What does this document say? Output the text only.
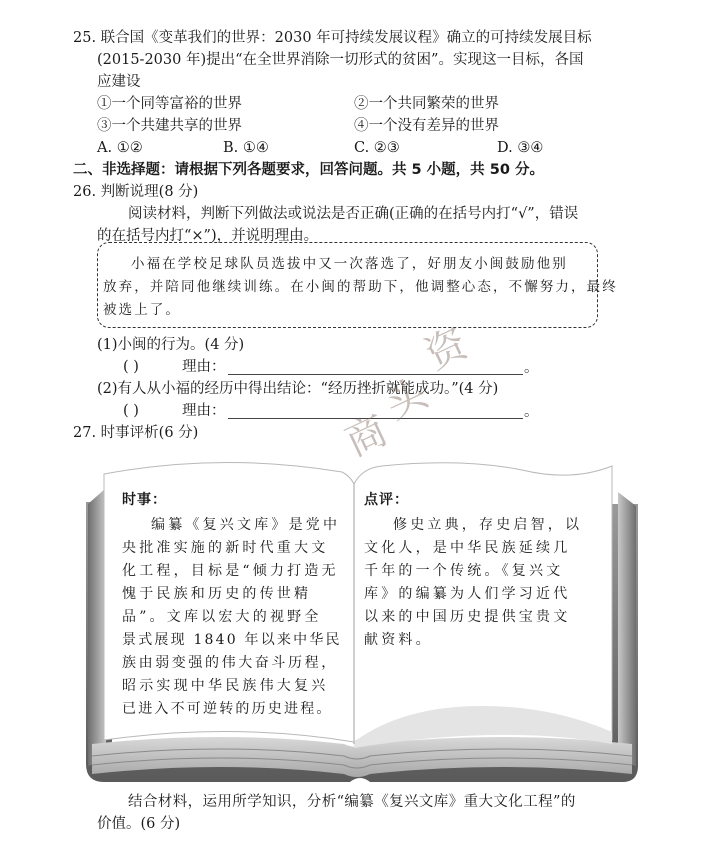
25. 联合国《变革我们的世界：2030 年可持续发展议程》确立的可持续发展目标
(2015-2030 年)提出“在全世界消除一切形式的贫困”。实现这一目标，各国
应建设
①一个同等富裕的世界	②一个共同繁荣的世界
③一个共建共享的世界	④一个没有差异的世界
A. ①②	B. ①④	C. ②③	D. ③④
二、非选择题：请根据下列各题要求，回答问题。共 5 小题，共 50 分。
26. 判断说理(8 分)
阅读材料，判断下列做法或说法是否正确(正确的在括号内打“√”，错误
的在括号内打“×”)，并说明理由。
小福在学校足球队员选拔中又一次落选了，好朋友小闽鼓励他别
放弃，并陪同他继续训练。在小闽的帮助下，他调整心态，不懈努力，最终
被选上了。
(1)小闽的行为。(4 分)
( )	理由：	。
(2)有人从小福的经历中得出结论：“经历挫折就能成功。”(4 分)
( )	理由：	。
资
头
商
27. 时事评析(6 分)
时事：
编纂《复兴文库》是党中
央批准实施的新时代重大文
化工程，目标是“倾力打造无
愧于民族和历史的传世精
品”。文库以宏大的视野全
景式展现 1840 年以来中华民
族由弱变强的伟大奋斗历程，
昭示实现中华民族伟大复兴
已进入不可逆转的历史进程。
点评：
修史立典，存史启智，以
文化人，是中华民族延续几
千年的一个传统。《复兴文
库》的编纂为人们学习近代
以来的中国历史提供宝贵文
献资料。
结合材料，运用所学知识，分析“编纂《复兴文库》重大文化工程”的
价值。(6 分)
